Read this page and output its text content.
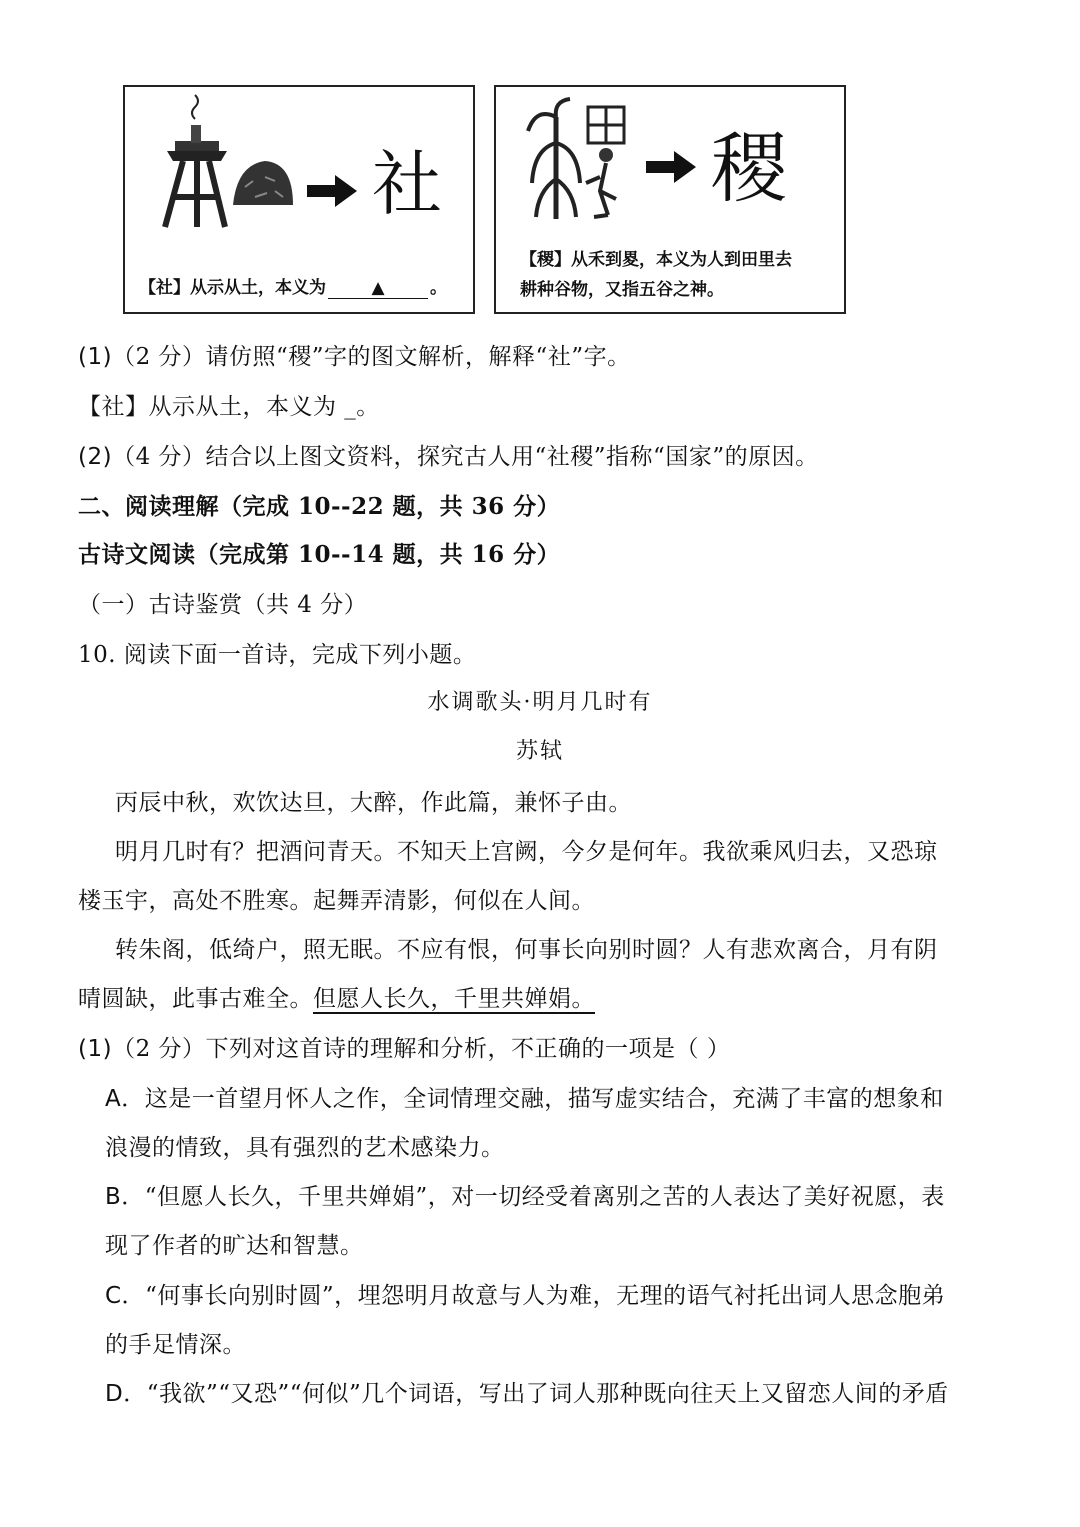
社
【社】从示从土，本义为	▲	。
稷
【稷】从禾到畟，本义为人到田里去
耕种谷物，又指五谷之神。
(1)（2 分）请仿照“稷”字的图文解析，解释“社”字。
【社】从示从土，本义为 _。
(2)（4 分）结合以上图文资料，探究古人用“社稷”指称“国家”的原因。
二、阅读理解（完成 10--22 题，共 36 分）
古诗文阅读（完成第 10--14 题，共 16 分）
（一）古诗鉴赏（共 4 分）
10. 阅读下面一首诗，完成下列小题。
水调歌头·明月几时有
苏轼
丙辰中秋，欢饮达旦，大醉，作此篇，兼怀子由。
明月几时有？把酒问青天。不知天上宫阙，今夕是何年。我欲乘风归去，又恐琼
楼玉宇，高处不胜寒。起舞弄清影，何似在人间。
转朱阁，低绮户，照无眠。不应有恨，何事长向别时圆？人有悲欢离合，月有阴
晴圆缺，此事古难全。但愿人长久，千里共婵娟。
(1)（2 分）下列对这首诗的理解和分析，不正确的一项是（ ）
A．这是一首望月怀人之作，全词情理交融，描写虚实结合，充满了丰富的想象和
浪漫的情致，具有强烈的艺术感染力。
B．“但愿人长久，千里共婵娟”，对一切经受着离别之苦的人表达了美好祝愿，表
现了作者的旷达和智慧。
C．“何事长向别时圆”，埋怨明月故意与人为难，无理的语气衬托出词人思念胞弟
的手足情深。
D．“我欲”“又恐”“何似”几个词语，写出了词人那种既向往天上又留恋人间的矛盾
